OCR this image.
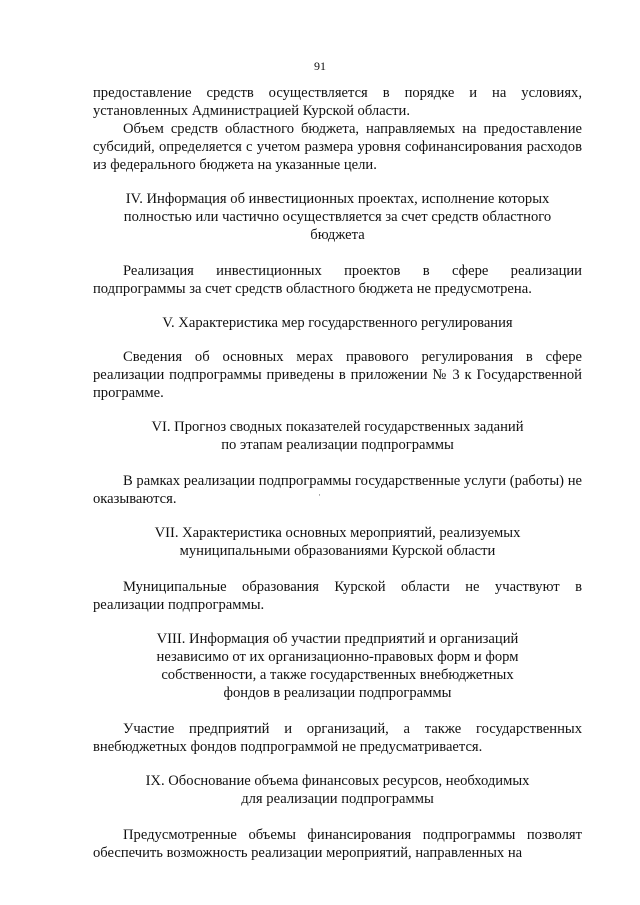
91

предоставление средств осуществляется в порядке и на условиях, установленных Администрацией Курской области.

Объем средств областного бюджета, направляемых на предоставление субсидий, определяется с учетом размера уровня софинансирования расходов из федерального бюджета на указанные цели.

IV. Информация об инвестиционных проектах, исполнение которых
полностью или частично осуществляется за счет средств областного
бюджета

Реализация инвестиционных проектов в сфере реализации подпрограммы за счет средств областного бюджета не предусмотрена.

V. Характеристика мер государственного регулирования

Сведения об основных мерах правового регулирования в сфере реализации подпрограммы приведены в приложении № 3 к Государственной программе.

VI. Прогноз сводных показателей государственных заданий
по этапам реализации подпрограммы

В рамках реализации подпрограммы государственные услуги (работы) не оказываются.

VII. Характеристика основных мероприятий, реализуемых
муниципальными образованиями Курской области

Муниципальные образования Курской области не участвуют в реализации подпрограммы.

VIII. Информация об участии предприятий и организаций
независимо от их организационно-правовых форм и форм
собственности, а также государственных внебюджетных
фондов в реализации подпрограммы

Участие предприятий и организаций, а также государственных внебюджетных фондов подпрограммой не предусматривается.

IX. Обоснование объема финансовых ресурсов, необходимых
для реализации подпрограммы

Предусмотренные объемы финансирования подпрограммы позволят обеспечить возможность реализации мероприятий, направленных на

·
